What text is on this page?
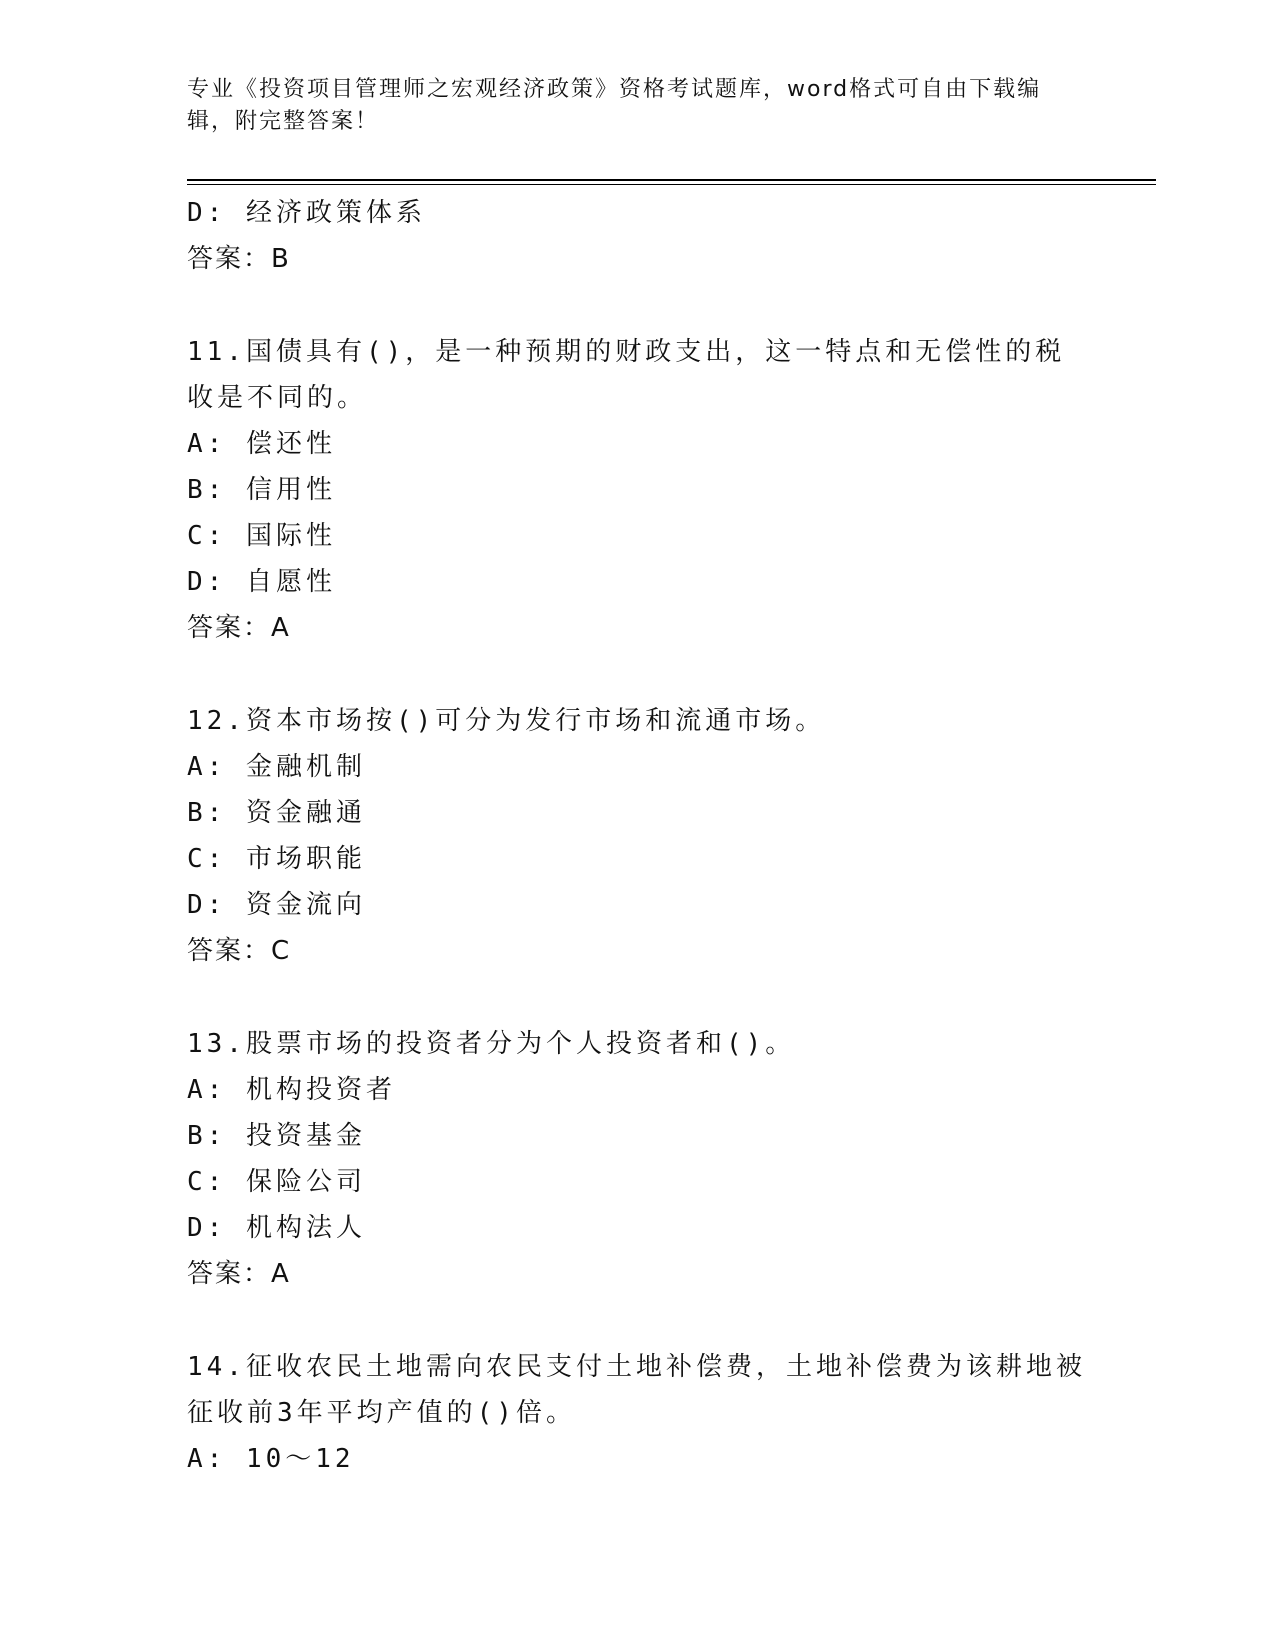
专业《投资项目管理师之宏观经济政策》资格考试题库，word格式可自由下载编辑，附完整答案！
D: 经济政策体系
答案：B
11.国债具有()，是一种预期的财政支出，这一特点和无偿性的税收是不同的。
A: 偿还性
B: 信用性
C: 国际性
D: 自愿性
答案：A
12.资本市场按()可分为发行市场和流通市场。
A: 金融机制
B: 资金融通
C: 市场职能
D: 资金流向
答案：C
13.股票市场的投资者分为个人投资者和()。
A: 机构投资者
B: 投资基金
C: 保险公司
D: 机构法人
答案：A
14.征收农民土地需向农民支付土地补偿费，土地补偿费为该耕地被征收前3年平均产值的()倍。
A: 10～12
